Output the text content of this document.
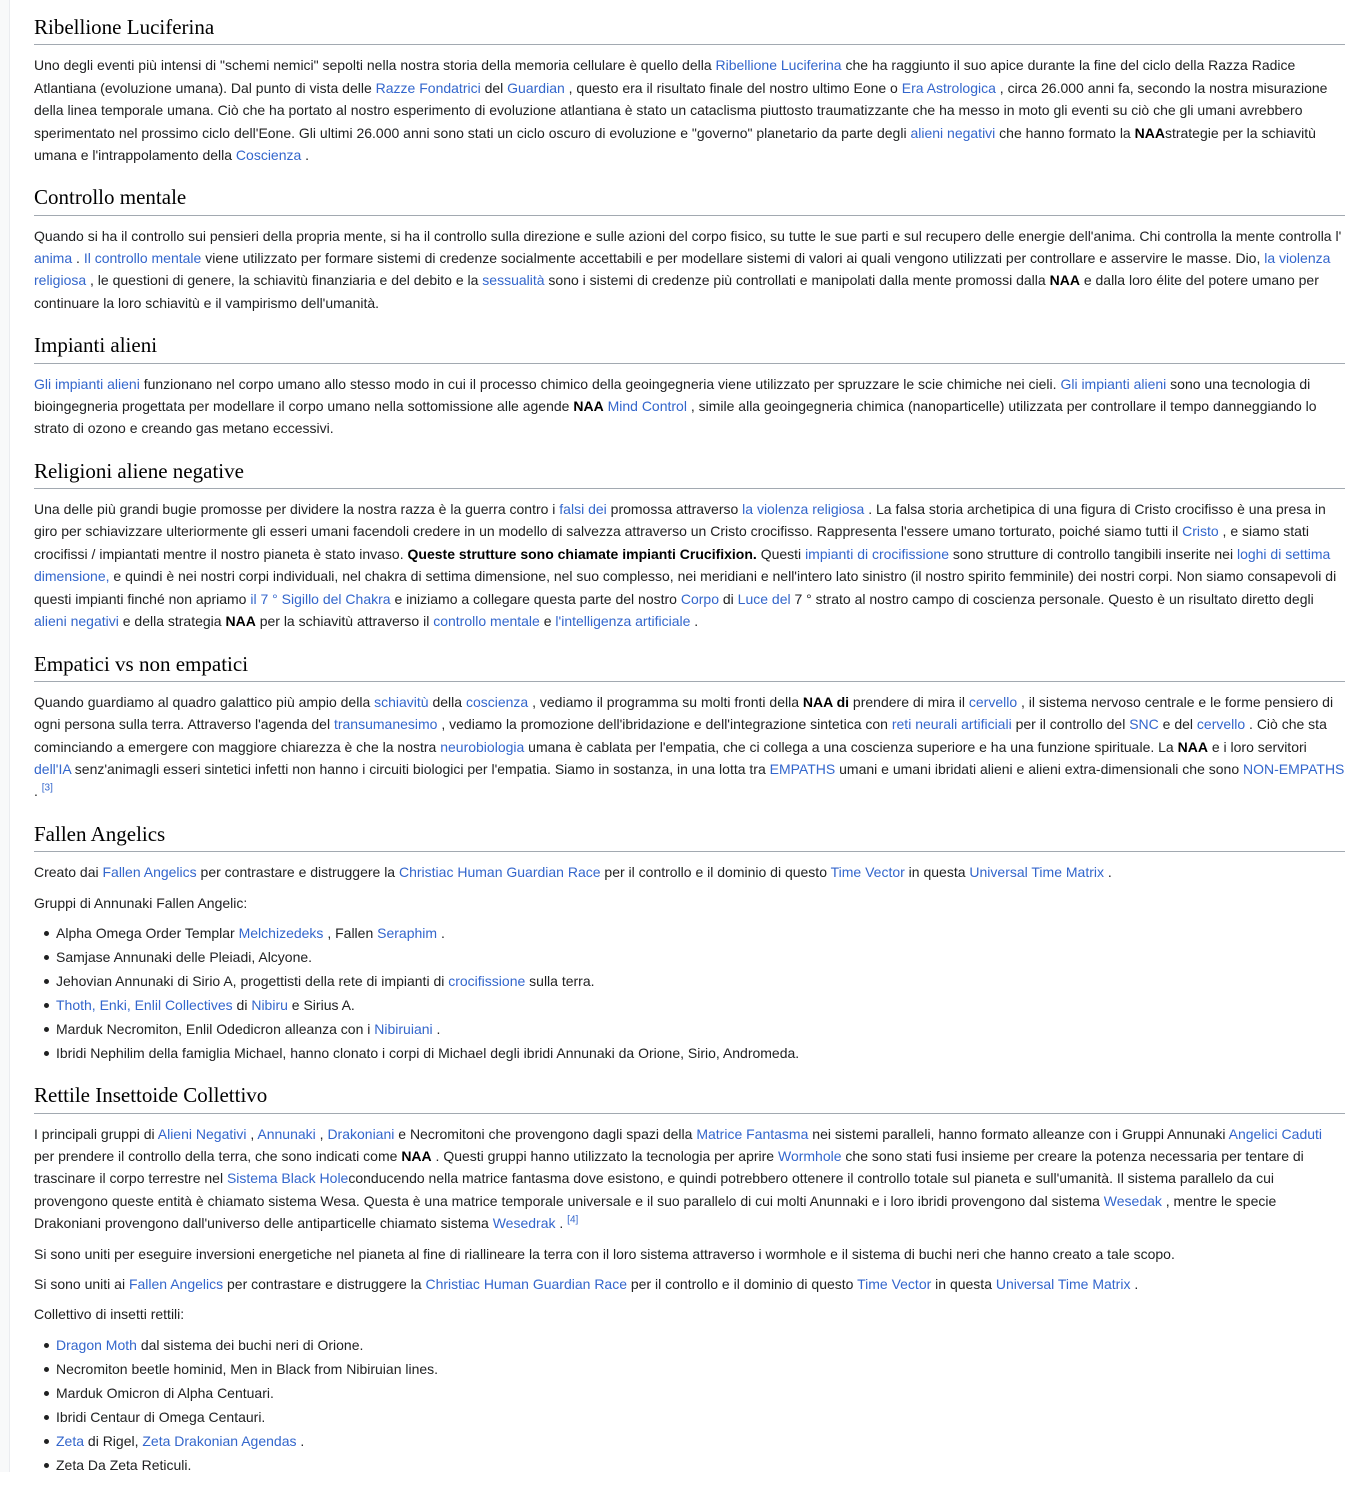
Ribellione Luciferina

Uno degli eventi più intensi di "schemi nemici" sepolti nella nostra storia della memoria cellulare è quello della Ribellione Luciferina che ha raggiunto il suo apice durante la fine del ciclo della Razza Radice Atlantiana (evoluzione umana). Dal punto di vista delle Razze Fondatrici del Guardian , questo era il risultato finale del nostro ultimo Eone o Era Astrologica , circa 26.000 anni fa, secondo la nostra misurazione della linea temporale umana. Ciò che ha portato al nostro esperimento di evoluzione atlantiana è stato un cataclisma piuttosto traumatizzante che ha messo in moto gli eventi su ciò che gli umani avrebbero sperimentato nel prossimo ciclo dell'Eone. Gli ultimi 26.000 anni sono stati un ciclo oscuro di evoluzione e "governo" planetario da parte degli alieni negativi che hanno formato la NAAstrategie per la schiavitù umana e l'intrappolamento della Coscienza .

Controllo mentale

Quando si ha il controllo sui pensieri della propria mente, si ha il controllo sulla direzione e sulle azioni del corpo fisico, su tutte le sue parti e sul recupero delle energie dell'anima. Chi controlla la mente controlla l' anima . Il controllo mentale viene utilizzato per formare sistemi di credenze socialmente accettabili e per modellare sistemi di valori ai quali vengono utilizzati per controllare e asservire le masse. Dio, la violenza religiosa , le questioni di genere, la schiavitù finanziaria e del debito e la sessualità sono i sistemi di credenze più controllati e manipolati dalla mente promossi dalla NAA e dalla loro élite del potere umano per continuare la loro schiavitù e il vampirismo dell'umanità.

Impianti alieni

Gli impianti alieni funzionano nel corpo umano allo stesso modo in cui il processo chimico della geoingegneria viene utilizzato per spruzzare le scie chimiche nei cieli. Gli impianti alieni sono una tecnologia di bioingegneria progettata per modellare il corpo umano nella sottomissione alle agende NAA Mind Control , simile alla geoingegneria chimica (nanoparticelle) utilizzata per controllare il tempo danneggiando lo strato di ozono e creando gas metano eccessivi.

Religioni aliene negative

Una delle più grandi bugie promosse per dividere la nostra razza è la guerra contro i falsi dei promossa attraverso la violenza religiosa . La falsa storia archetipica di una figura di Cristo crocifisso è una presa in giro per schiavizzare ulteriormente gli esseri umani facendoli credere in un modello di salvezza attraverso un Cristo crocifisso. Rappresenta l'essere umano torturato, poiché siamo tutti il Cristo , e siamo stati crocifissi / impiantati mentre il nostro pianeta è stato invaso. Queste strutture sono chiamate impianti Crucifixion. Questi impianti di crocifissione sono strutture di controllo tangibili inserite nei loghi di settima dimensione, e quindi è nei nostri corpi individuali, nel chakra di settima dimensione, nel suo complesso, nei meridiani e nell'intero lato sinistro (il nostro spirito femminile) dei nostri corpi. Non siamo consapevoli di questi impianti finché non apriamo il 7 ° Sigillo del Chakra e iniziamo a collegare questa parte del nostro Corpo di Luce del 7 ° strato al nostro campo di coscienza personale. Questo è un risultato diretto degli alieni negativi e della strategia NAA per la schiavitù attraverso il controllo mentale e l'intelligenza artificiale .

Empatici vs non empatici

Quando guardiamo al quadro galattico più ampio della schiavitù della coscienza , vediamo il programma su molti fronti della NAA di prendere di mira il cervello , il sistema nervoso centrale e le forme pensiero di ogni persona sulla terra. Attraverso l'agenda del transumanesimo , vediamo la promozione dell'ibridazione e dell'integrazione sintetica con reti neurali artificiali per il controllo del SNC e del cervello . Ciò che sta cominciando a emergere con maggiore chiarezza è che la nostra neurobiologia umana è cablata per l'empatia, che ci collega a una coscienza superiore e ha una funzione spirituale. La NAA e i loro servitori dell'IA senz'animagli esseri sintetici infetti non hanno i circuiti biologici per l'empatia. Siamo in sostanza, in una lotta tra EMPATHS umani e umani ibridati alieni e alieni extra-dimensionali che sono NON-EMPATHS . [3]

Fallen Angelics

Creato dai Fallen Angelics per contrastare e distruggere la Christiac Human Guardian Race per il controllo e il dominio di questo Time Vector in questa Universal Time Matrix .

Gruppi di Annunaki Fallen Angelic:

Alpha Omega Order Templar Melchizedeks , Fallen Seraphim .
Samjase Annunaki delle Pleiadi, Alcyone.
Jehovian Annunaki di Sirio A, progettisti della rete di impianti di crocifissione sulla terra.
Thoth, Enki, Enlil Collectives di Nibiru e Sirius A.
Marduk Necromiton, Enlil Odedicron alleanza con i Nibiruiani .
Ibridi Nephilim della famiglia Michael, hanno clonato i corpi di Michael degli ibridi Annunaki da Orione, Sirio, Andromeda.
Rettile Insettoide Collettivo

I principali gruppi di Alieni Negativi , Annunaki , Drakoniani e Necromitoni che provengono dagli spazi della Matrice Fantasma nei sistemi paralleli, hanno formato alleanze con i Gruppi Annunaki Angelici Caduti per prendere il controllo della terra, che sono indicati come NAA . Questi gruppi hanno utilizzato la tecnologia per aprire Wormhole che sono stati fusi insieme per creare la potenza necessaria per tentare di trascinare il corpo terrestre nel Sistema Black Holeconducendo nella matrice fantasma dove esistono, e quindi potrebbero ottenere il controllo totale sul pianeta e sull'umanità. Il sistema parallelo da cui provengono queste entità è chiamato sistema Wesa. Questa è una matrice temporale universale e il suo parallelo di cui molti Anunnaki e i loro ibridi provengono dal sistema Wesedak , mentre le specie Drakoniani provengono dall'universo delle antiparticelle chiamato sistema Wesedrak . [4]

Si sono uniti per eseguire inversioni energetiche nel pianeta al fine di riallineare la terra con il loro sistema attraverso i wormhole e il sistema di buchi neri che hanno creato a tale scopo.

Si sono uniti ai Fallen Angelics per contrastare e distruggere la Christiac Human Guardian Race per il controllo e il dominio di questo Time Vector in questa Universal Time Matrix .

Collettivo di insetti rettili:

Dragon Moth dal sistema dei buchi neri di Orione.
Necromiton beetle hominid, Men in Black from Nibiruian lines.
Marduk Omicron di Alpha Centuari.
Ibridi Centaur di Omega Centauri.
Zeta di Rigel, Zeta Drakonian Agendas .
Zeta Da Zeta Reticuli.
